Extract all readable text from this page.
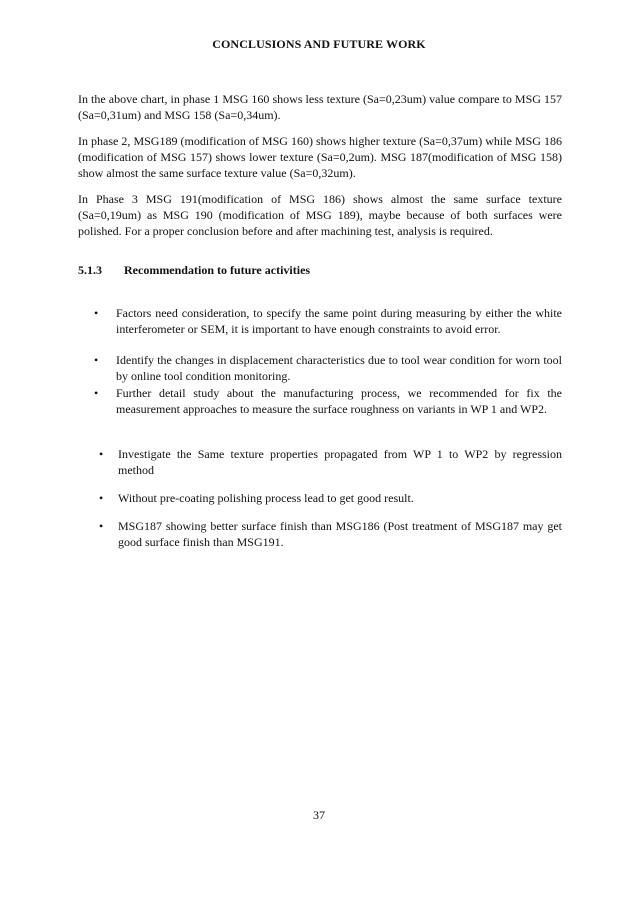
CONCLUSIONS AND FUTURE WORK

In the above chart, in phase 1 MSG 160 shows less texture (Sa=0,23um) value compare to MSG 157 (Sa=0,31um) and MSG 158 (Sa=0,34um).

In phase 2, MSG189 (modification of MSG 160) shows higher texture (Sa=0,37um) while MSG 186 (modification of MSG 157) shows lower texture (Sa=0,2um). MSG 187(modification of MSG 158) show almost the same surface texture value (Sa=0,32um).

In Phase 3 MSG 191(modification of MSG 186) shows almost the same surface texture (Sa=0,19um) as MSG 190 (modification of MSG 189), maybe because of both surfaces were polished. For a proper conclusion before and after machining test, analysis is required.

5.1.3 Recommendation to future activities
•	Factors need consideration, to specify the same point during measuring by either the white interferometer or SEM, it is important to have enough constraints to avoid error.
•	Identify the changes in displacement characteristics due to tool wear condition for worn tool by online tool condition monitoring.
•	Further detail study about the manufacturing process, we recommended for fix the measurement approaches to measure the surface roughness on variants in WP 1 and WP2.
•	Investigate the Same texture properties propagated from WP 1 to WP2 by regression method
•	Without pre-coating polishing process lead to get good result.
•	MSG187 showing better surface finish than MSG186 (Post treatment of MSG187 may get good surface finish than MSG191.
37
